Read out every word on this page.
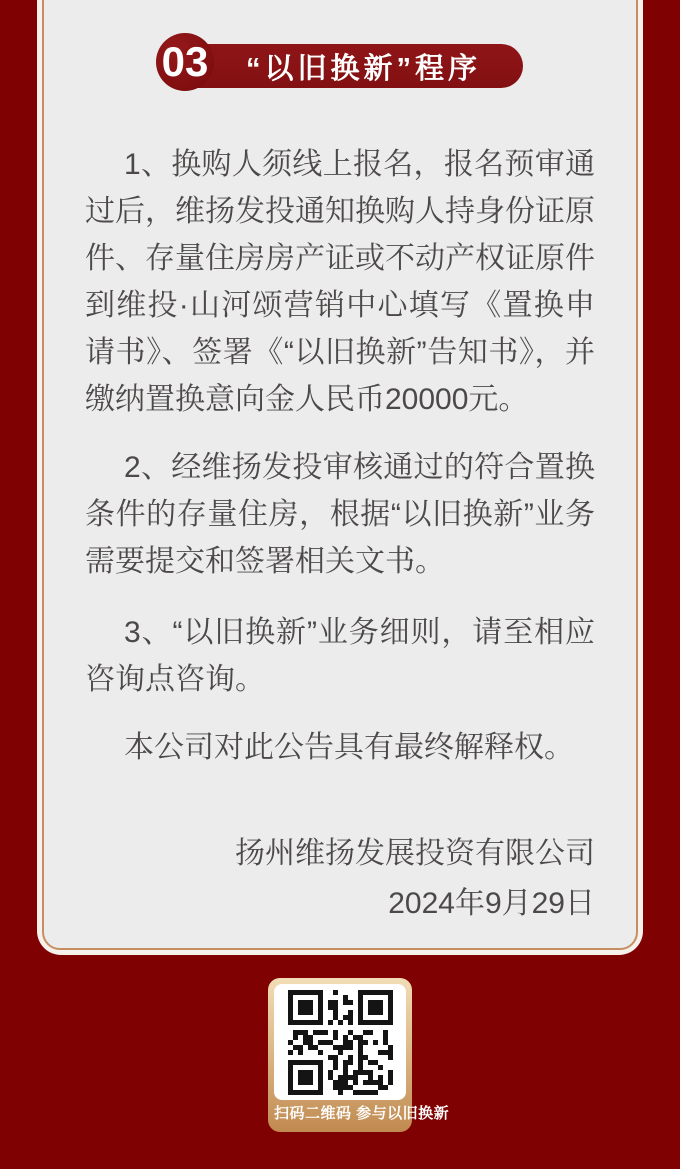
“以旧换新”程序
03

1、换购人须线上报名，报名预审通过后，维扬发投通知换购人持身份证原件、存量住房房产证或不动产权证原件到维投·山河颂营销中心填写《置换申请书》、签署《“以旧换新”告知书》，并缴纳置换意向金人民币20000元。

2、经维扬发投审核通过的符合置换条件的存量住房，根据“以旧换新”业务需要提交和签署相关文书。

3、“以旧换新”业务细则，请至相应咨询点咨询。

本公司对此公告具有最终解释权。

扬州维扬发展投资有限公司
2024年9月29日
扫码二维码 参与以旧换新
